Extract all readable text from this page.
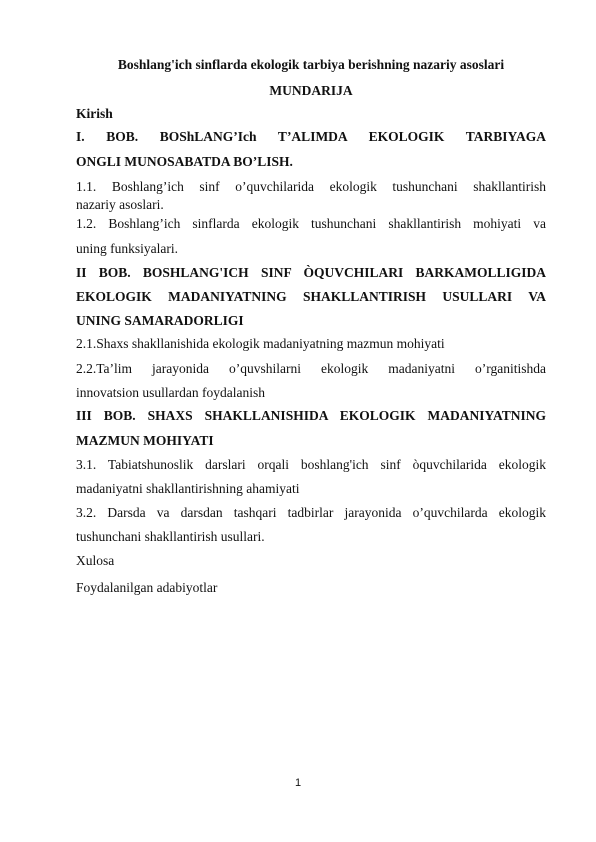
Boshlang'ich sinflarda ekologik tarbiya berishning nazariy asoslari
MUNDARIJA
Kirish
I. BOB. BOShLANG’Ich T’ALIMDA EKOLOGIK TARBIYAGA
ONGLI MUNOSABATDA BO’LISH.
1.1. Boshlang’ich sinf o’quvchilarida ekologik tushunchani shakllantirish
nazariy asoslari.
1.2. Boshlang’ich sinflarda ekologik tushunchani shakllantirish mohiyati va
uning funksiyalari.
II BOB. BOSHLANG'ICH SINF ÒQUVCHILARI BARKAMOLLIGIDA
EKOLOGIK MADANIYATNING SHAKLLANTIRISH USULLARI VA
UNING SAMARADORLIGI
2.1.Shaxs shakllanishida ekologik madaniyatning mazmun mohiyati
2.2.Ta’lim jarayonida o’quvshilarni ekologik madaniyatni o’rganitishda
innovatsion usullardan foydalanish
III BOB. SHAXS SHAKLLANISHIDA EKOLOGIK MADANIYATNING
MAZMUN MOHIYATI
3.1. Tabiatshunoslik darslari orqali boshlang'ich sinf òquvchilarida ekologik
madaniyatni shakllantirishning ahamiyati
3.2. Darsda va darsdan tashqari tadbirlar jarayonida o’quvchilarda ekologik
tushunchani shakllantirish usullari.
Xulosa
Foydalanilgan adabiyotlar
1
